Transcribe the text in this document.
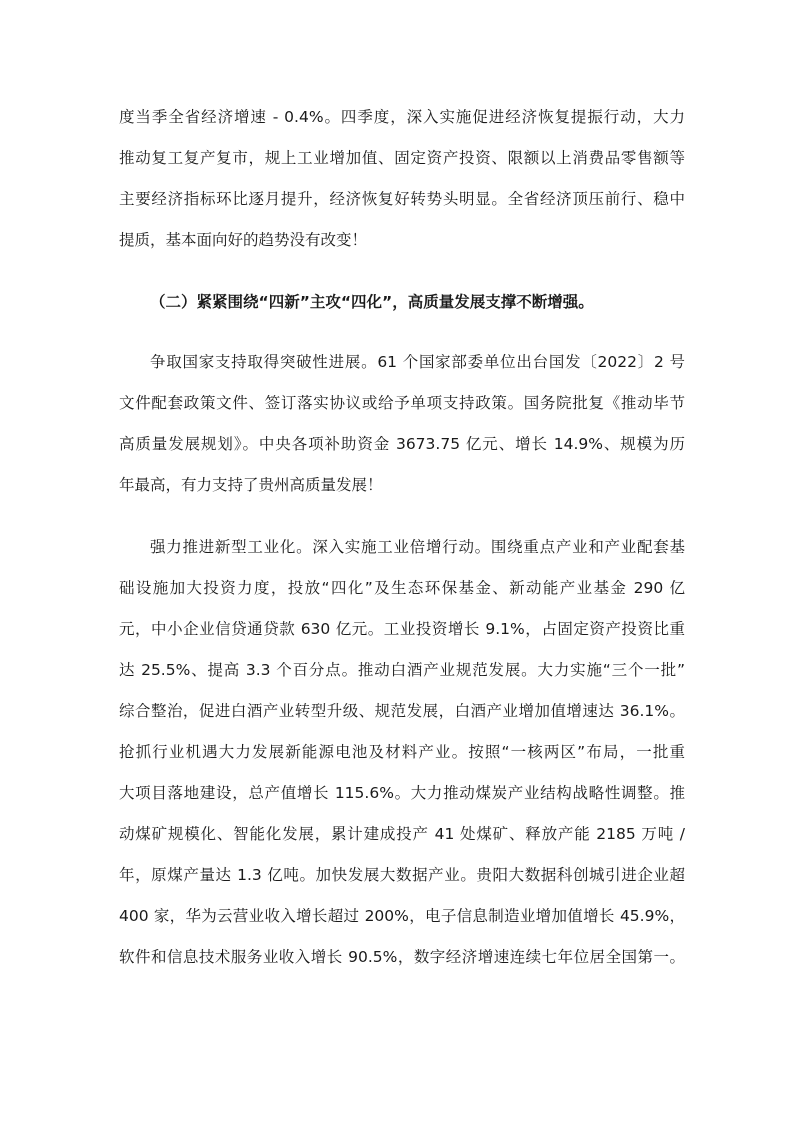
度当季全省经济增速 - 0.4%。四季度，深入实施促进经济恢复提振行动，大力
推动复工复产复市，规上工业增加值、固定资产投资、限额以上消费品零售额等
主要经济指标环比逐月提升，经济恢复好转势头明显。全省经济顶压前行、稳中
提质，基本面向好的趋势没有改变！
（二）紧紧围绕“四新”主攻“四化”，高质量发展支撑不断增强。
争取国家支持取得突破性进展。61 个国家部委单位出台国发〔2022〕2 号
文件配套政策文件、签订落实协议或给予单项支持政策。国务院批复《推动毕节
高质量发展规划》。中央各项补助资金 3673.75 亿元、增长 14.9%、规模为历
年最高，有力支持了贵州高质量发展！
强力推进新型工业化。深入实施工业倍增行动。围绕重点产业和产业配套基
础设施加大投资力度，投放“四化”及生态环保基金、新动能产业基金 290 亿
元，中小企业信贷通贷款 630 亿元。工业投资增长 9.1%，占固定资产投资比重
达 25.5%、提高 3.3 个百分点。推动白酒产业规范发展。大力实施“三个一批”
综合整治，促进白酒产业转型升级、规范发展，白酒产业增加值增速达 36.1%。
抢抓行业机遇大力发展新能源电池及材料产业。按照“一核两区”布局，一批重
大项目落地建设，总产值增长 115.6%。大力推动煤炭产业结构战略性调整。推
动煤矿规模化、智能化发展，累计建成投产 41 处煤矿、释放产能 2185 万吨 /
年，原煤产量达 1.3 亿吨。加快发展大数据产业。贵阳大数据科创城引进企业超
400 家，华为云营业收入增长超过 200%，电子信息制造业增加值增长 45.9%，
软件和信息技术服务业收入增长 90.5%，数字经济增速连续七年位居全国第一。
